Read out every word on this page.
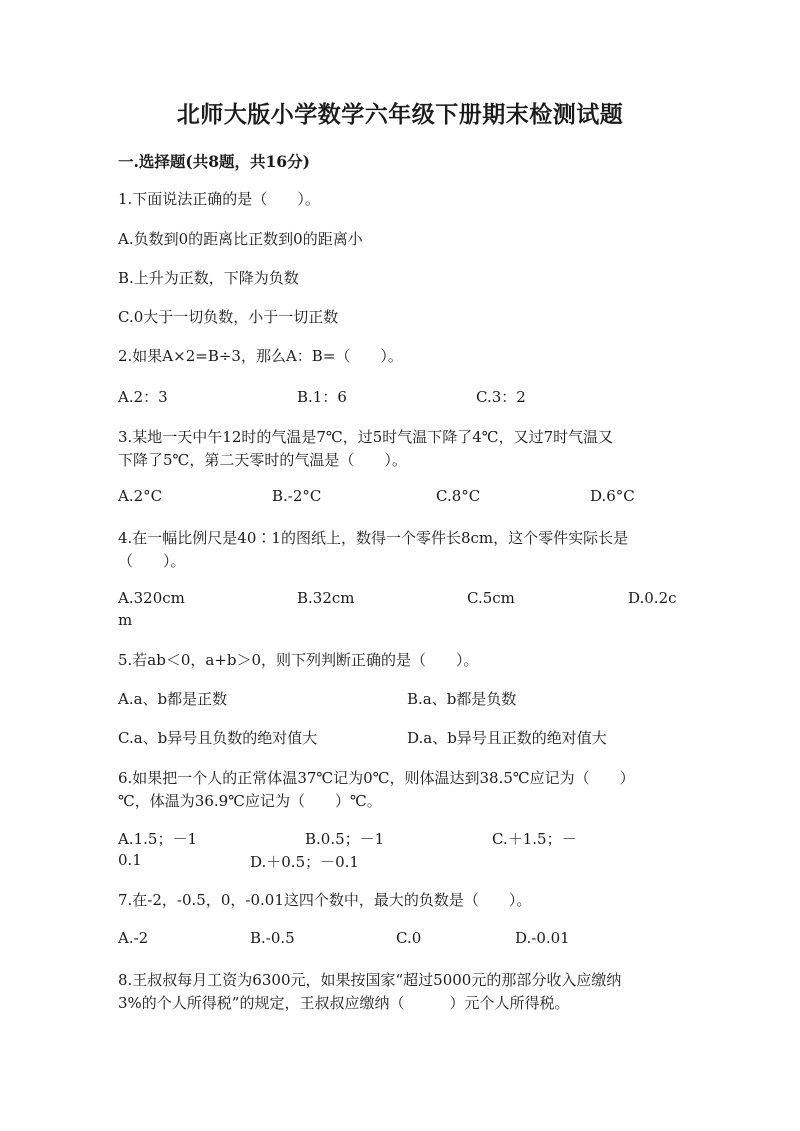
北师大版小学数学六年级下册期末检测试题
一.选择题(共8题，共16分)
1.下面说法正确的是（　　）。
A.负数到0的距离比正数到0的距离小
B.上升为正数，下降为负数
C.0大于一切负数，小于一切正数
2.如果A×2=B÷3，那么A：B=（　　）。
A.2：3	B.1：6	C.3：2
3.某地一天中午12时的气温是7℃，过5时气温下降了4℃，又过7时气温又
下降了5℃，第二天零时的气温是（　　）。
A.2°C	B.-2°C	C.8°C	D.6°C
4.在一幅比例尺是40∶1的图纸上，数得一个零件长8cm，这个零件实际长是
（　　）。
A.320cm	B.32cm	C.5cm	D.0.2c
m
5.若ab＜0，a+b＞0，则下列判断正确的是（　　）。
A.a、b都是正数	B.a、b都是负数
C.a、b异号且负数的绝对值大	D.a、b异号且正数的绝对值大
6.如果把一个人的正常体温37℃记为0℃，则体温达到38.5℃应记为（　　）
℃，体温为36.9℃应记为（　　）℃。
A.1.5；－1	B.0.5；－1	C.＋1.5；－
0.1	D.＋0.5；－0.1
7.在-2，-0.5，0，-0.01这四个数中，最大的负数是（　　）。
A.-2	B.-0.5	C.0	D.-0.01
8.王叔叔每月工资为6300元，如果按国家“超过5000元的那部分收入应缴纳
3%的个人所得税”的规定，王叔叔应缴纳（　　　）元个人所得税。
